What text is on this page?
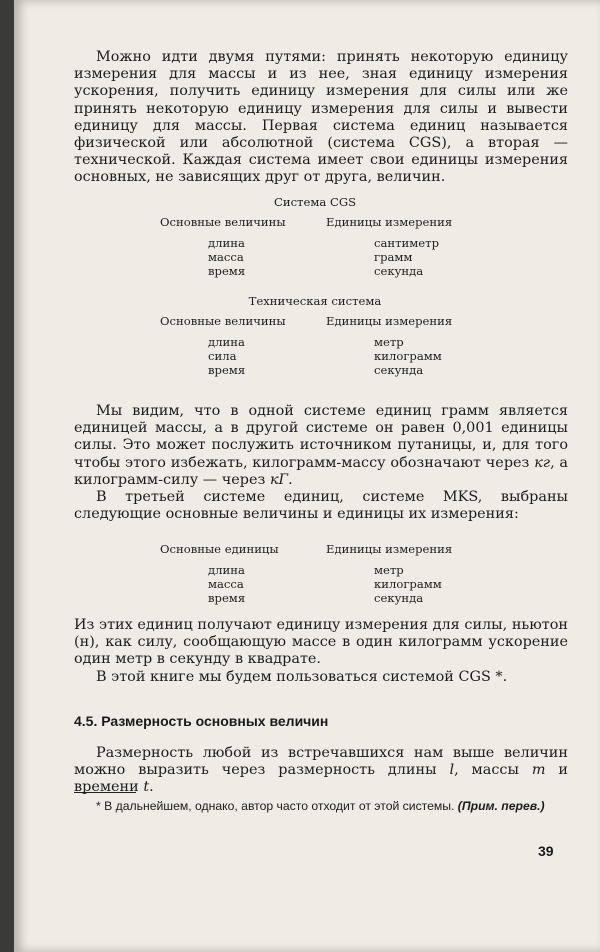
Можно идти двумя путями: принять некоторую единицу измерения для массы и из нее, зная единицу измерения ускорения, получить единицу измерения для силы или же принять некоторую единицу измерения для силы и вывести единицу для массы. Первая система единиц называется физической или абсолютной (система CGS), а вторая — технической. Каждая система имеет свои единицы измерения основных, не зависящих друг от друга, величин.

Система CGS

Основные величины	Единицы измерения
длина	сантиметр
масса	грамм
время	секунда

Техническая система

Основные величины	Единицы измерения
длина	метр
сила	килограмм
время	секунда

Мы видим, что в одной системе единиц грамм является единицей массы, а в другой системе он равен 0,001 единицы силы. Это может послужить источником путаницы, и, для того чтобы этого избежать, килограмм-массу обозначают через кг, а килограмм-силу — через кГ.

В третьей системе единиц, системе MKS, выбраны следующие основные величины и единицы их измерения:

Основные единицы	Единицы измерения
длина	метр
масса	килограмм
время	секунда

Из этих единиц получают единицу измерения для силы, ньютон (н), как силу, сообщающую массе в один килограмм ускорение один метр в секунду в квадрате.

В этой книге мы будем пользоваться системой CGS *.

4.5. Размерность основных величин

Размерность любой из встречавшихся нам выше величин можно выразить через размерность длины l, массы m и времени t.

* В дальнейшем, однако, автор часто отходит от этой системы. (Прим. перев.)

39
